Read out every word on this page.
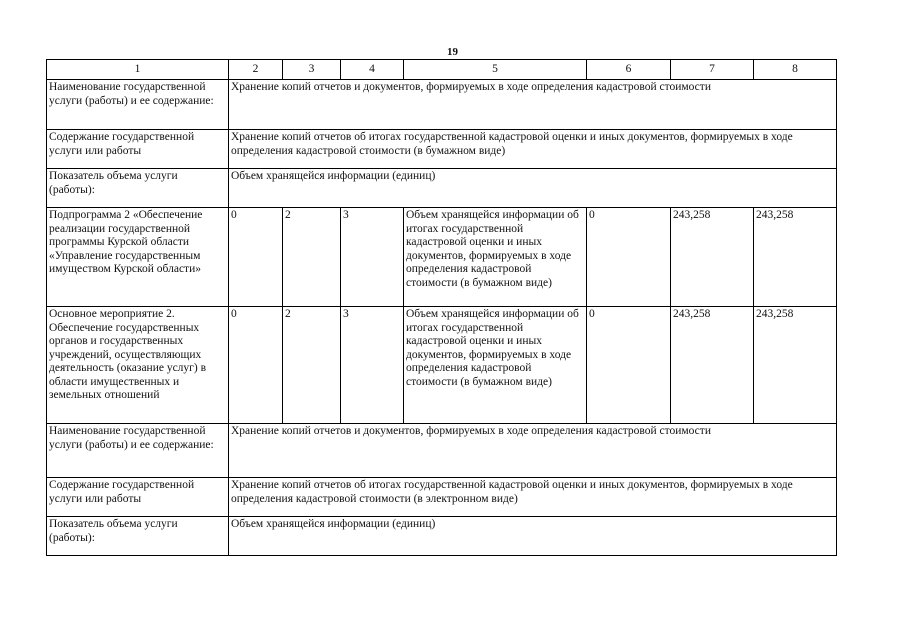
19
1	2	3	4	5	6	7	8
Наименование государственной услуги (работы) и ее содержание:	Хранение копий отчетов и документов, формируемых в ходе определения кадастровой стоимости						
Содержание государственной услуги или работы	Хранение копий отчетов об итогах государственной кадастровой оценки и иных документов, формируемых в ходе определения кадастровой стоимости (в бумажном виде)						
Показатель объема услуги (работы):	Объем хранящейся информации (единиц)						
Подпрограмма 2 «Обеспечение реализации государственной программы Курской области «Управление государственным имуществом Курской области»	0	2	3	Объем хранящейся информации об итогах государственной кадастровой оценки и иных документов, формируемых в ходе определения кадастровой стоимости (в бумажном виде)	0	243,258	243,258
Основное мероприятие 2. Обеспечение государственных органов и государственных учреждений, осуществляющих деятельность (оказание услуг) в области имущественных и земельных отношений	0	2	3	Объем хранящейся информации об итогах государственной кадастровой оценки и иных документов, формируемых в ходе определения кадастровой стоимости (в бумажном виде)	0	243,258	243,258
Наименование государственной услуги (работы) и ее содержание:	Хранение копий отчетов и документов, формируемых в ходе определения кадастровой стоимости						
Содержание государственной услуги или работы	Хранение копий отчетов об итогах государственной кадастровой оценки и иных документов, формируемых в ходе определения кадастровой стоимости (в электронном виде)						
Показатель объема услуги (работы):	Объем хранящейся информации (единиц)						
